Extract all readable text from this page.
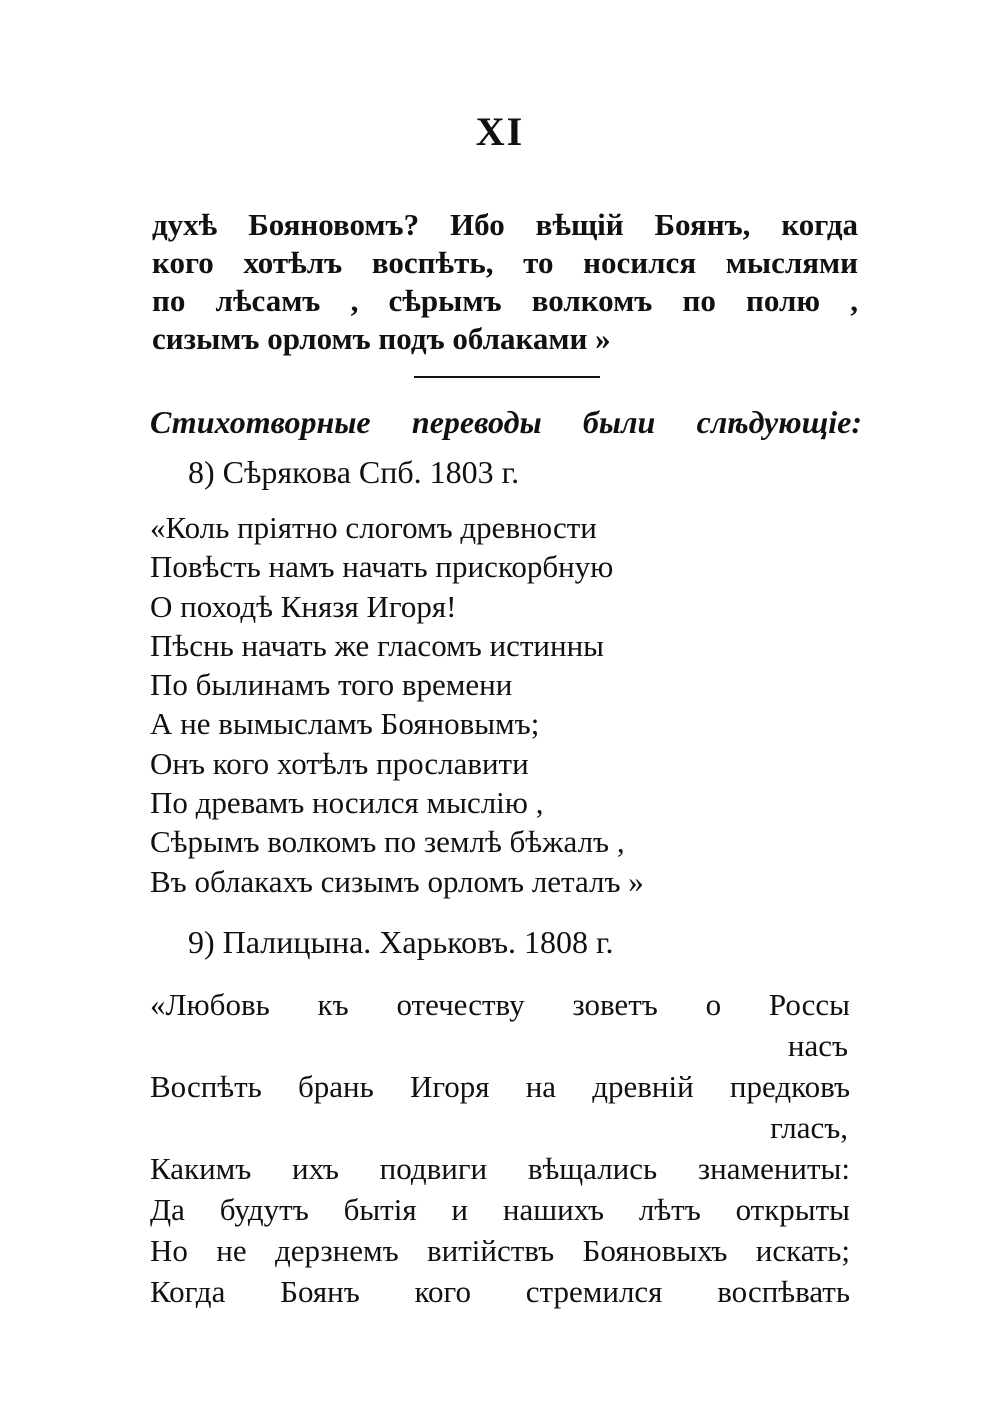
XI
духѣ Бояновомъ? Ибо вѣщій Боянъ, когда
кого хотѣлъ воспѣть, то носился мыслями
по лѣсамъ , сѣрымъ волкомъ по полю ,
сизымъ орломъ подъ облаками »
Стихотворные переводы были слѣдующіе:
8) Сѣрякова Спб. 1803 г.
«Коль пріятно слогомъ древности
Повѣсть намъ начать прискорбную
О походѣ Князя Игоря!
Пѣснь начать же гласомъ истинны
По былинамъ того времени
А не вымысламъ Бояновымъ;
Онъ кого хотѣлъ прославити
По древамъ носился мыслію ,
Сѣрымъ волкомъ по землѣ бѣжалъ ,
Въ облакахъ сизымъ орломъ леталъ »
9) Палицына. Харьковъ. 1808 г.
«Любовь къ отечеству зоветъ о Россы
насъ
Воспѣть брань Игоря на древній предковъ
гласъ,
Какимъ ихъ подвиги вѣщались знамениты:
Да будутъ бытія и нашихъ лѣтъ открыты
Но не дерзнемъ витійствъ Бояновыхъ искать;
Когда Боянъ кого стремился воспѣвать
